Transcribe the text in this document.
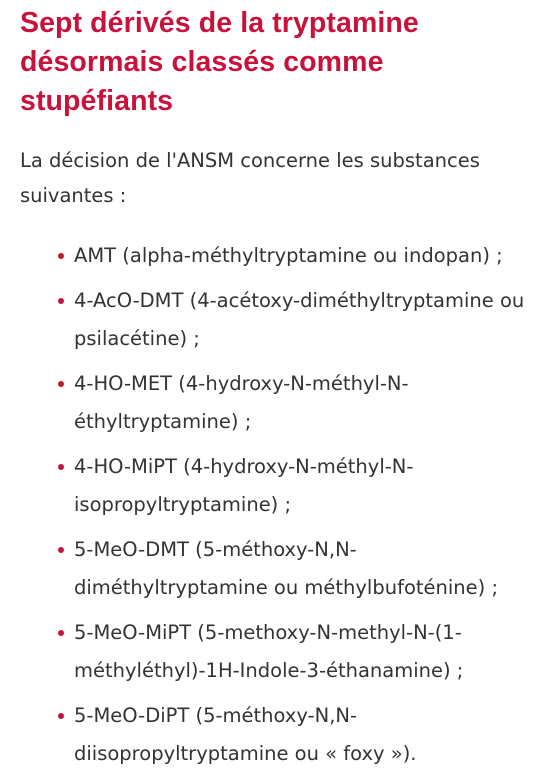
Sept dérivés de la tryptamine désormais classés comme stupéfiants

La décision de l'ANSM concerne les substances suivantes :

AMT (alpha-méthyltryptamine ou indopan) ;
4-AcO-DMT (4-acétoxy-diméthyltryptamine ou psilacétine) ;
4-HO-MET (4-hydroxy-N-méthyl-N-éthyltryptamine) ;
4-HO-MiPT (4-hydroxy-N-méthyl-N-isopropyltryptamine) ;
5-MeO-DMT (5-méthoxy-N,N-diméthyltryptamine ou méthylbufoténine) ;
5-MeO-MiPT (5-methoxy-N-methyl-N-(1-méthyléthyl)-1H-Indole-3-éthanamine) ;
5-MeO-DiPT (5-méthoxy-N,N-diisopropyltryptamine ou « foxy »).
